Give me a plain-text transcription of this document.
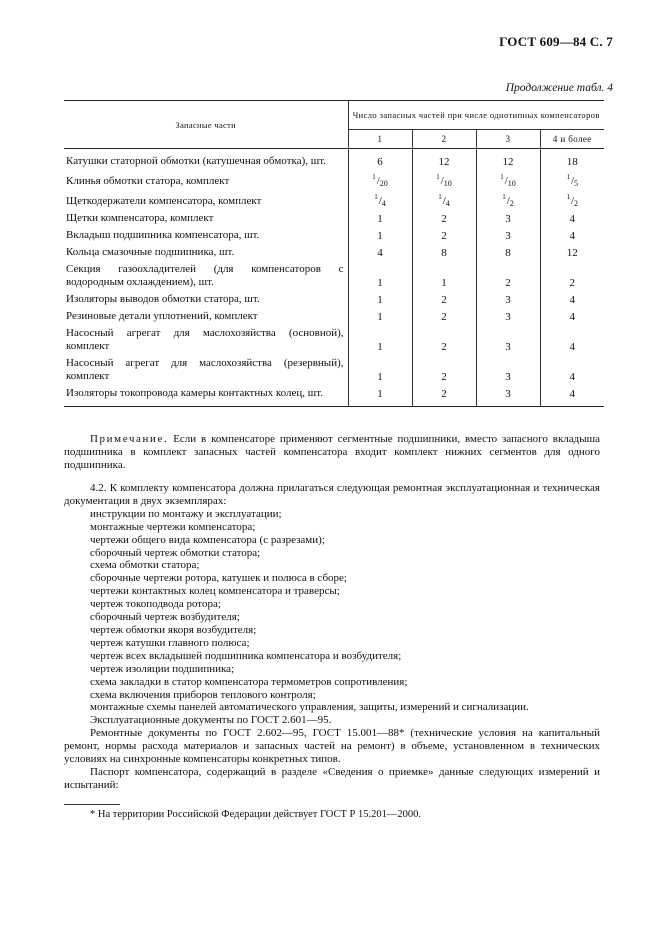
ГОСТ 609—84 С. 7
Продолжение табл. 4
Запасные части	Число запасных частей при числе однотипных компенсаторов			
	1	2	3	4 и более
Катушки статорной обмотки (катушечная обмотка), шт.	6	12	12	18
Клинья обмотки статора, комплект	1 $/_{20}$	1 $/_{10}$	1 $/_{10}$	1 $/_5$

Щеткодержатели компенсатора, комплект	1 $/_4$	1 $/_4$	1 $/_2$	1 $/_2$

Щетки компенсатора, комплект	1	2	3	4
Вкладыш подшипника компенсатора, шт.	1	2	3	4
Кольца смазочные подшипника, шт.	4	8	8	12
Секция газоохладителей (для компенсаторов с водородным охлаждением), шт.	1	1	2	2
Изоляторы выводов обмотки статора, шт.	1	2	3	4
Резиновые детали уплотнений, комплект	1	2	3	4
Насосный агрегат для маслохозяйства (основной), комплект	1	2	3	4
Насосный агрегат для маслохозяйства (резервный), комплект	1	2	3	4
Изоляторы токопровода камеры контактных колец, шт.	1	2	3	4
Примечание. Если в компенсаторе применяют сегментные подшипники, вместо запасного вкладыша подшипника в комплект запасных частей компенсатора входит комплект нижних сегментов для одного подшипника.

4.2. К комплекту компенсатора должна прилагаться следующая ремонтная эксплуатационная и техническая документация в двух экземплярах:

инструкции по монтажу и эксплуатации;
монтажные чертежи компенсатора;
чертежи общего вида компенсатора (с разрезами);
сборочный чертеж обмотки статора;
схема обмотки статора;
сборочные чертежи ротора, катушек и полюса в сборе;
чертежи контактных колец компенсатора и траверсы;
чертеж токоподвода ротора;
сборочный чертеж возбудителя;
чертеж обмотки якоря возбудителя;
чертеж катушки главного полюса;
чертеж всех вкладышей подшипника компенсатора и возбудителя;
чертеж изоляции подшипника;
схема закладки в статор компенсатора термометров сопротивления;
схема включения приборов теплового контроля;
монтажные схемы панелей автоматического управления, защиты, измерений и сигнализации.
Эксплуатационные документы по ГОСТ 2.601—95.

Ремонтные документы по ГОСТ 2.602—95, ГОСТ 15.001—88* (технические условия на капитальный ремонт, нормы расхода материалов и запасных частей на ремонт) в объеме, установленном в технических условиях на синхронные компенсаторы конкретных типов.

Паспорт компенсатора, содержащий в разделе «Сведения о приемке» данные следующих измерений и испытаний:

* На территории Российской Федерации действует ГОСТ Р 15.201—2000.
